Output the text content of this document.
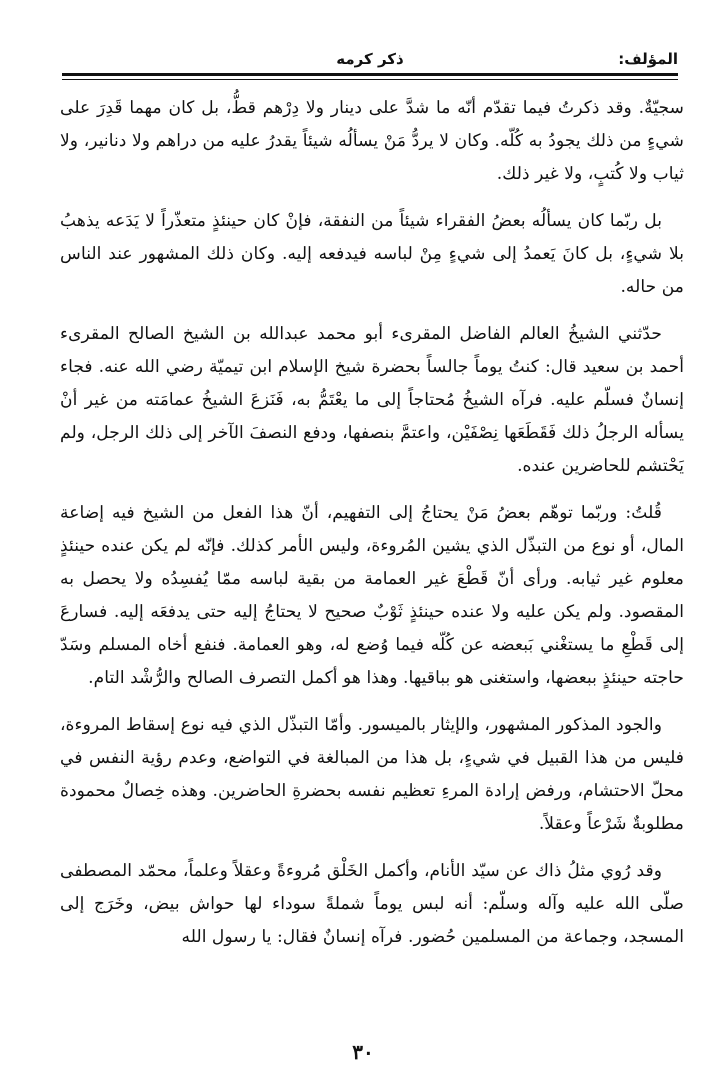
المؤلف:
ذكر كرمه

سجيّةٌ. وقد ذكرتُ فيما تقدّم أنّه ما شدَّ على دينار ولا دِرْهم قطُّ، بل كان مهما قَدِرَ على شيءٍ من ذلك يجودُ به كُلّه. وكان لا يردُّ مَنْ يسألُه شيئاً يقدرُ عليه من دراهم ولا دنانير، ولا ثياب ولا كُتبٍ، ولا غير ذلك.

بل ربّما كان يسألُه بعضُ الفقراء شيئاً من النفقة، فإنْ كان حينئذٍ متعذّراً لا يَدَعه يذهبُ بلا شيءٍ، بل كانَ يَعمدُ إلى شيءٍ مِنْ لباسه فيدفعه إليه. وكان ذلك المشهور عند الناس من حاله.

حدّثني الشيخُ العالم الفاضل المقرىء أبو محمد عبدالله بن الشيخ الصالح المقرىء أحمد بن سعيد قال: كنتُ يوماً جالساً بحضرة شيخ الإسلام ابن تيميّة رضي الله عنه. فجاء إنسانٌ فسلّم عليه. فرآه الشيخُ مُحتاجاً إلى ما يعْتَمُّ به، فَنَزعَ الشيخُ عمامَته من غير أنْ يسأله الرجلُ ذلك فَقَطَعَها نِصْفَيْن، واعتمَّ بنصفها، ودفع النصفَ الآخر إلى ذلك الرجل، ولم يَحْتشم للحاضرين عنده.

قُلتُ: وربّما توهّم بعضُ مَنْ يحتاجُ إلى التفهيم، أنّ هذا الفعل من الشيخ فيه إضاعة المال، أو نوع من التبذّل الذي يشين المُروءة، وليس الأمر كذلك. فإنّه لم يكن عنده حينئذٍ معلوم غير ثيابه. ورأى أنّ قَطْعَ غير العمامة من بقية لباسه ممّا يُفسِدُه ولا يحصل به المقصود. ولم يكن عليه ولا عنده حينئذٍ ثَوْبٌ صحيح لا يحتاجُ إليه حتى يدفعَه إليه. فسارعَ إلى قَطْعِ ما يستغْني بَبعضه عن كُلّه فيما وُضع له، وهو العمامة. فنفع أخاه المسلم وسَدّ حاجته حينئذٍ ببعضها، واستغنى هو بباقيها. وهذا هو أكمل التصرف الصالح والرُّشْد التام.

والجود المذكور المشهور، والإيثار بالميسور. وأمّا التبذّل الذي فيه نوع إسقاط المروءة، فليس من هذا القبيل في شيءٍ، بل هذا من المبالغة في التواضع، وعدم رؤية النفس في محلّ الاحتشام، ورفض إرادة المرءِ تعظيم نفسه بحضرةِ الحاضرين. وهذه خِصالٌ محمودة مطلوبةٌ شَرْعاً وعقلاً.

وقد رُوي مثلُ ذاك عن سيّد الأنام، وأكمل الخَلْق مُروءةً وعقلاً وعلماً، محمّد المصطفى صلّى الله عليه وآله وسلّم: أنه لبس يوماً شملةً سوداء لها حواش بيض، وخَرَج إلى المسجد، وجماعة من المسلمين حُضور. فرآه إنسانٌ فقال: يا رسول الله

٣٠
